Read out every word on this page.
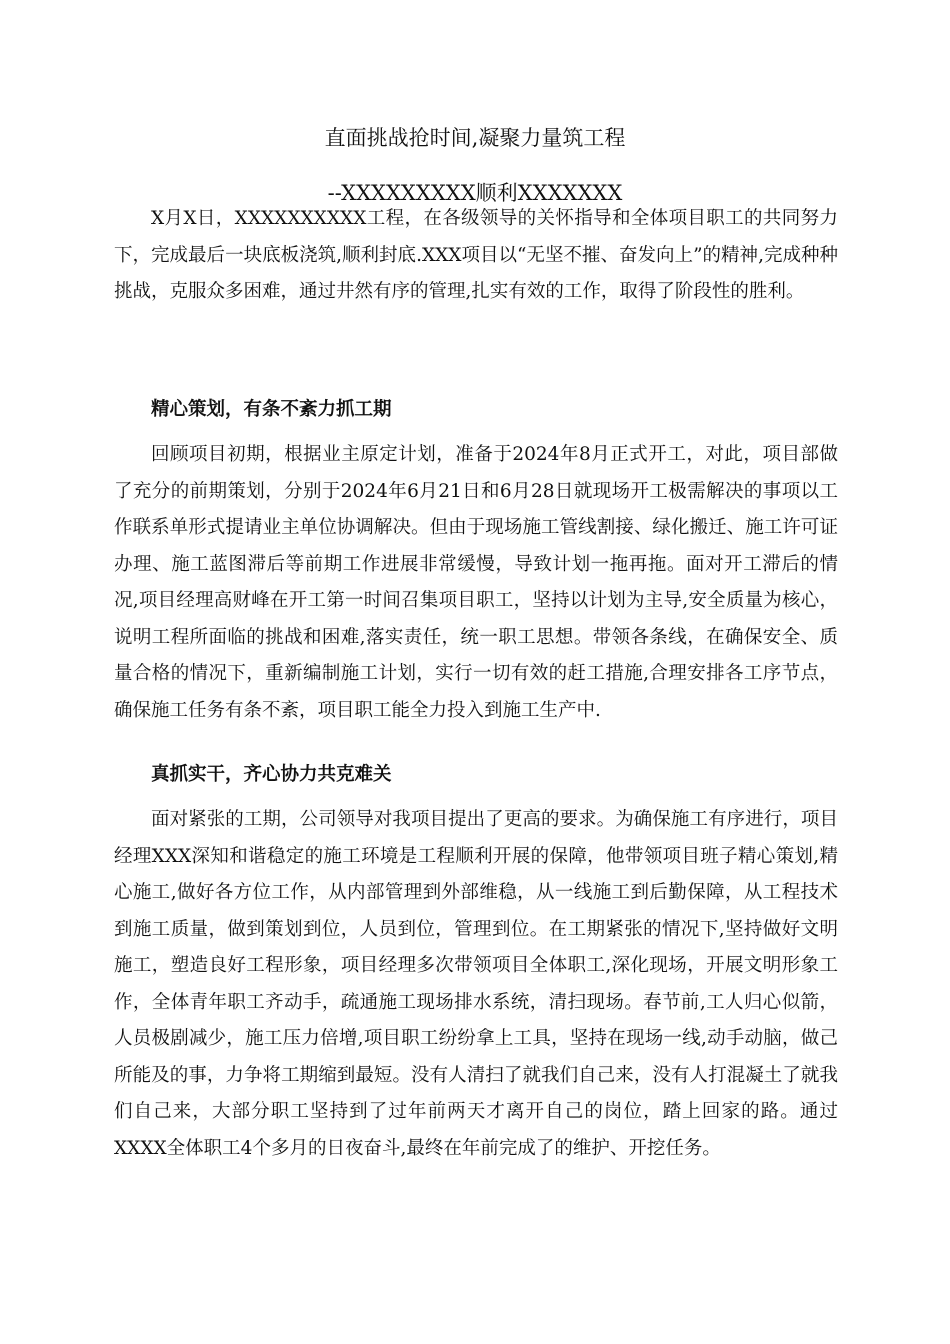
直面挑战抢时间,凝聚力量筑工程
--XXXXXXXXX顺利XXXXXXX

X月X日，XXXXXXXXXX工程，在各级领导的关怀指导和全体项目职工的共同努力下，完成最后一块底板浇筑,顺利封底.XXX项目以“无坚不摧、奋发向上”的精神,完成种种挑战，克服众多困难，通过井然有序的管理,扎实有效的工作，取得了阶段性的胜利。

精心策划，有条不紊力抓工期

回顾项目初期，根据业主原定计划，准备于2024年8月正式开工，对此，项目部做了充分的前期策划，分别于2024年6月21日和6月28日就现场开工极需解决的事项以工作联系单形式提请业主单位协调解决。但由于现场施工管线割接、绿化搬迁、施工许可证办理、施工蓝图滞后等前期工作进展非常缓慢，导致计划一拖再拖。面对开工滞后的情况,项目经理高财峰在开工第一时间召集项目职工，坚持以计划为主导,安全质量为核心，说明工程所面临的挑战和困难,落实责任，统一职工思想。带领各条线，在确保安全、质量合格的情况下，重新编制施工计划，实行一切有效的赶工措施,合理安排各工序节点，确保施工任务有条不紊，项目职工能全力投入到施工生产中.

真抓实干，齐心协力共克难关

面对紧张的工期，公司领导对我项目提出了更高的要求。为确保施工有序进行，项目经理XXX深知和谐稳定的施工环境是工程顺利开展的保障，他带领项目班子精心策划,精心施工,做好各方位工作，从内部管理到外部维稳，从一线施工到后勤保障，从工程技术到施工质量，做到策划到位，人员到位，管理到位。在工期紧张的情况下,坚持做好文明施工，塑造良好工程形象，项目经理多次带领项目全体职工,深化现场，开展文明形象工作，全体青年职工齐动手，疏通施工现场排水系统，清扫现场。春节前,工人归心似箭，人员极剧减少，施工压力倍增,项目职工纷纷拿上工具，坚持在现场一线,动手动脑，做己所能及的事，力争将工期缩到最短。没有人清扫了就我们自己来，没有人打混凝土了就我们自己来，大部分职工坚持到了过年前两天才离开自己的岗位，踏上回家的路。通过XXXX全体职工4个多月的日夜奋斗,最终在年前完成了的维护、开挖任务。
